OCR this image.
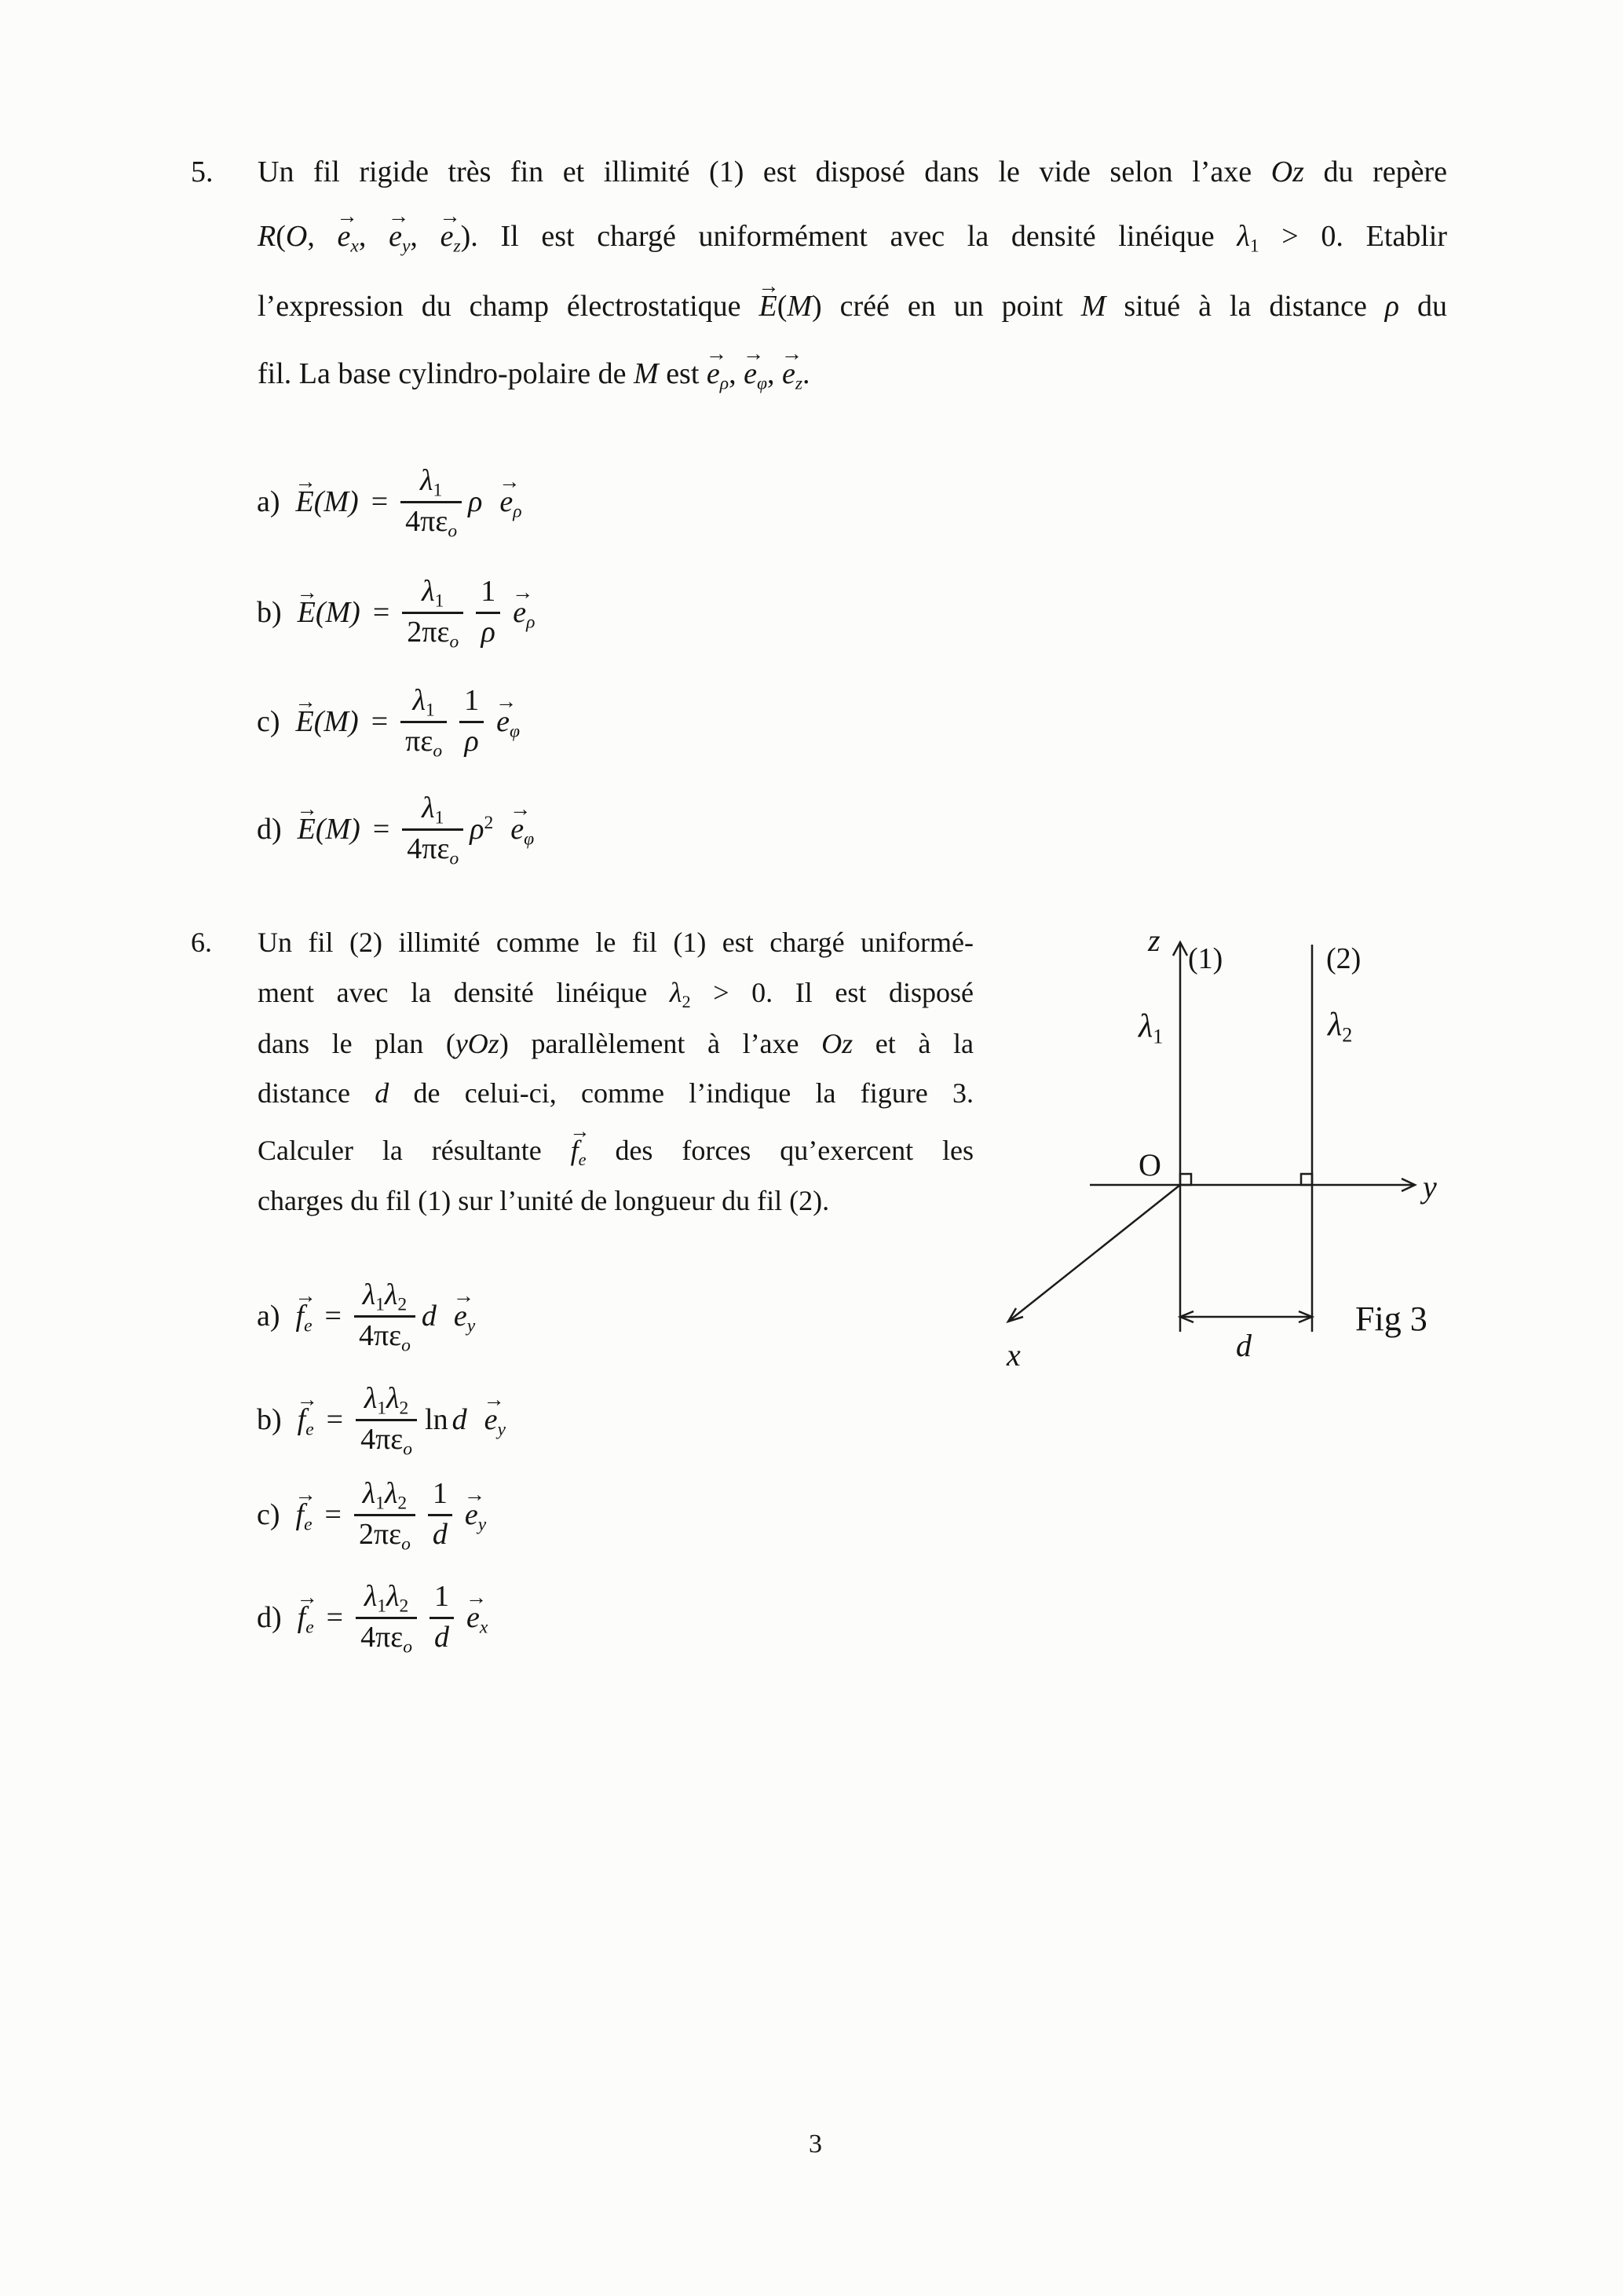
5. Un fil rigide très fin et illimité (1) est disposé dans le vide selon l’axe Oz du repère
R(O,
→
$e_x$,
→
$e_y$,
→
$e_z$). Il est chargé uniformément avec la densité linéique $\lambda_1 > 0$. Etablir
l’expression du champ électrostatique
→
E(M) créé en un point M situé à la distance ρ du
fil. La base cylindro-polaire de M est
→
$e_\rho$,
→
$e_\varphi$,
→
$e_z$.
a)
→
E $(M) = \frac{\lambda_1}{4\pi\varepsilon_o}$ ρ
→
$e_\rho$
b)
→
E $(M) = \frac{\lambda_1}{2\pi\varepsilon_o} \frac{1}{\rho}$ →
$e_\rho$
c)
→
E $(M) = \frac{\lambda_1}{\pi\varepsilon_o} \frac{1}{\rho}$ →
$e_\varphi$
d)
→
E $(M) = \frac{\lambda_1}{4\pi\varepsilon_o} \rho^2$
→
$e_\varphi$
6. Un fil (2) illimité comme le fil (1) est chargé uniformé-
ment avec la densité linéique $\lambda_2 > 0$. Il est disposé
dans le plan (yOz) parallèlement à l’axe Oz et à la
distance d de celui-ci, comme l’indique la figure 3.
Calculer la résultante
→
$f_e$ des forces qu’exercent les
charges du fil (1) sur l’unité de longueur du fil (2).
z
(1)	(2)
$\lambda_1$	$\lambda_2$
O
y
x	d
Fig 3
a)
→
$f_e = \frac{\lambda_1\lambda_2}{4\pi\varepsilon_o}$ d
→
$e_y$
b)
→
$f_e = \frac{\lambda_1\lambda_2}{4\pi\varepsilon_o}$ ln d
→
$e_y$
c)
→
$f_e = \frac{\lambda_1\lambda_2}{2\pi\varepsilon_o} \frac{1}{d}$ →
$e_y$
d)
→
$f_e = \frac{\lambda_1\lambda_2}{4\pi\varepsilon_o} \frac{1}{d}$ →
$e_x$
3
